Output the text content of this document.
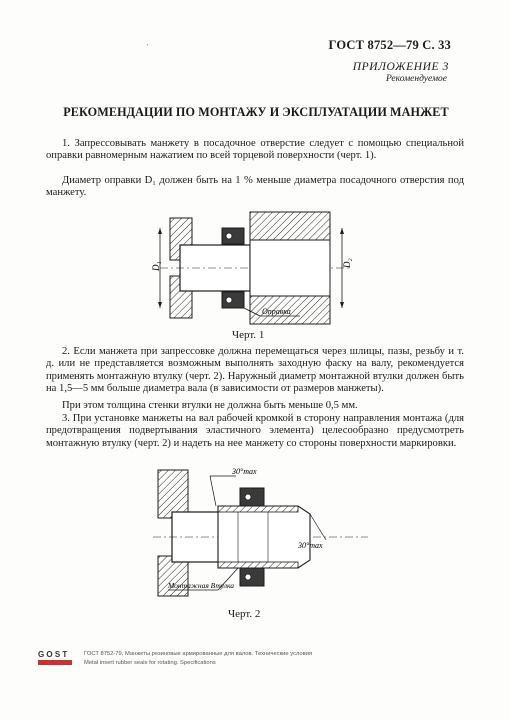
ˋ	ГОСТ 8752—79 С. 33
ПРИЛОЖЕНИЕ 3
Рекомендуемое
РЕКОМЕНДАЦИИ ПО МОНТАЖУ И ЭКСПЛУАТАЦИИ МАНЖЕТ

1. Запрессовывать манжету в посадочное отверстие следует с помощью специальной оправки равномерным нажатием по всей торцевой поверхности (черт. 1).

Диаметр оправки D₁ должен быть на 1 % меньше диаметра посадочного отверстия под манжету.

D₁	D₂
Оправка
Черт. 1

2. Если манжета при запрессовке должна перемещаться через шлицы, пазы, резьбу и т. д. или не представляется возможным выполнять заходную фаску на валу, рекомендуется применять монтажную втулку (черт. 2). Наружный диаметр монтажной втулки должен быть на 1,5—5 мм больше диаметра вала (в зависимости от размеров манжеты).

При этом толщина стенки втулки не должна быть меньше 0,5 мм.

3. При установке манжеты на вал рабочей кромкой в сторону направления монтажа (для предотвращения подвертывания эластичного элемента) целесообразно предусмотреть монтажную втулку (черт. 2) и надеть на нее манжету со стороны поверхности маркировки.

30°max
30°max
Монтажная Втулка
Черт. 2
GOST	ГОСТ 8752-79, Манжеты резиновые армированные для валов. Технические условия
Metal insert rubber seals for rotating. Specifications
